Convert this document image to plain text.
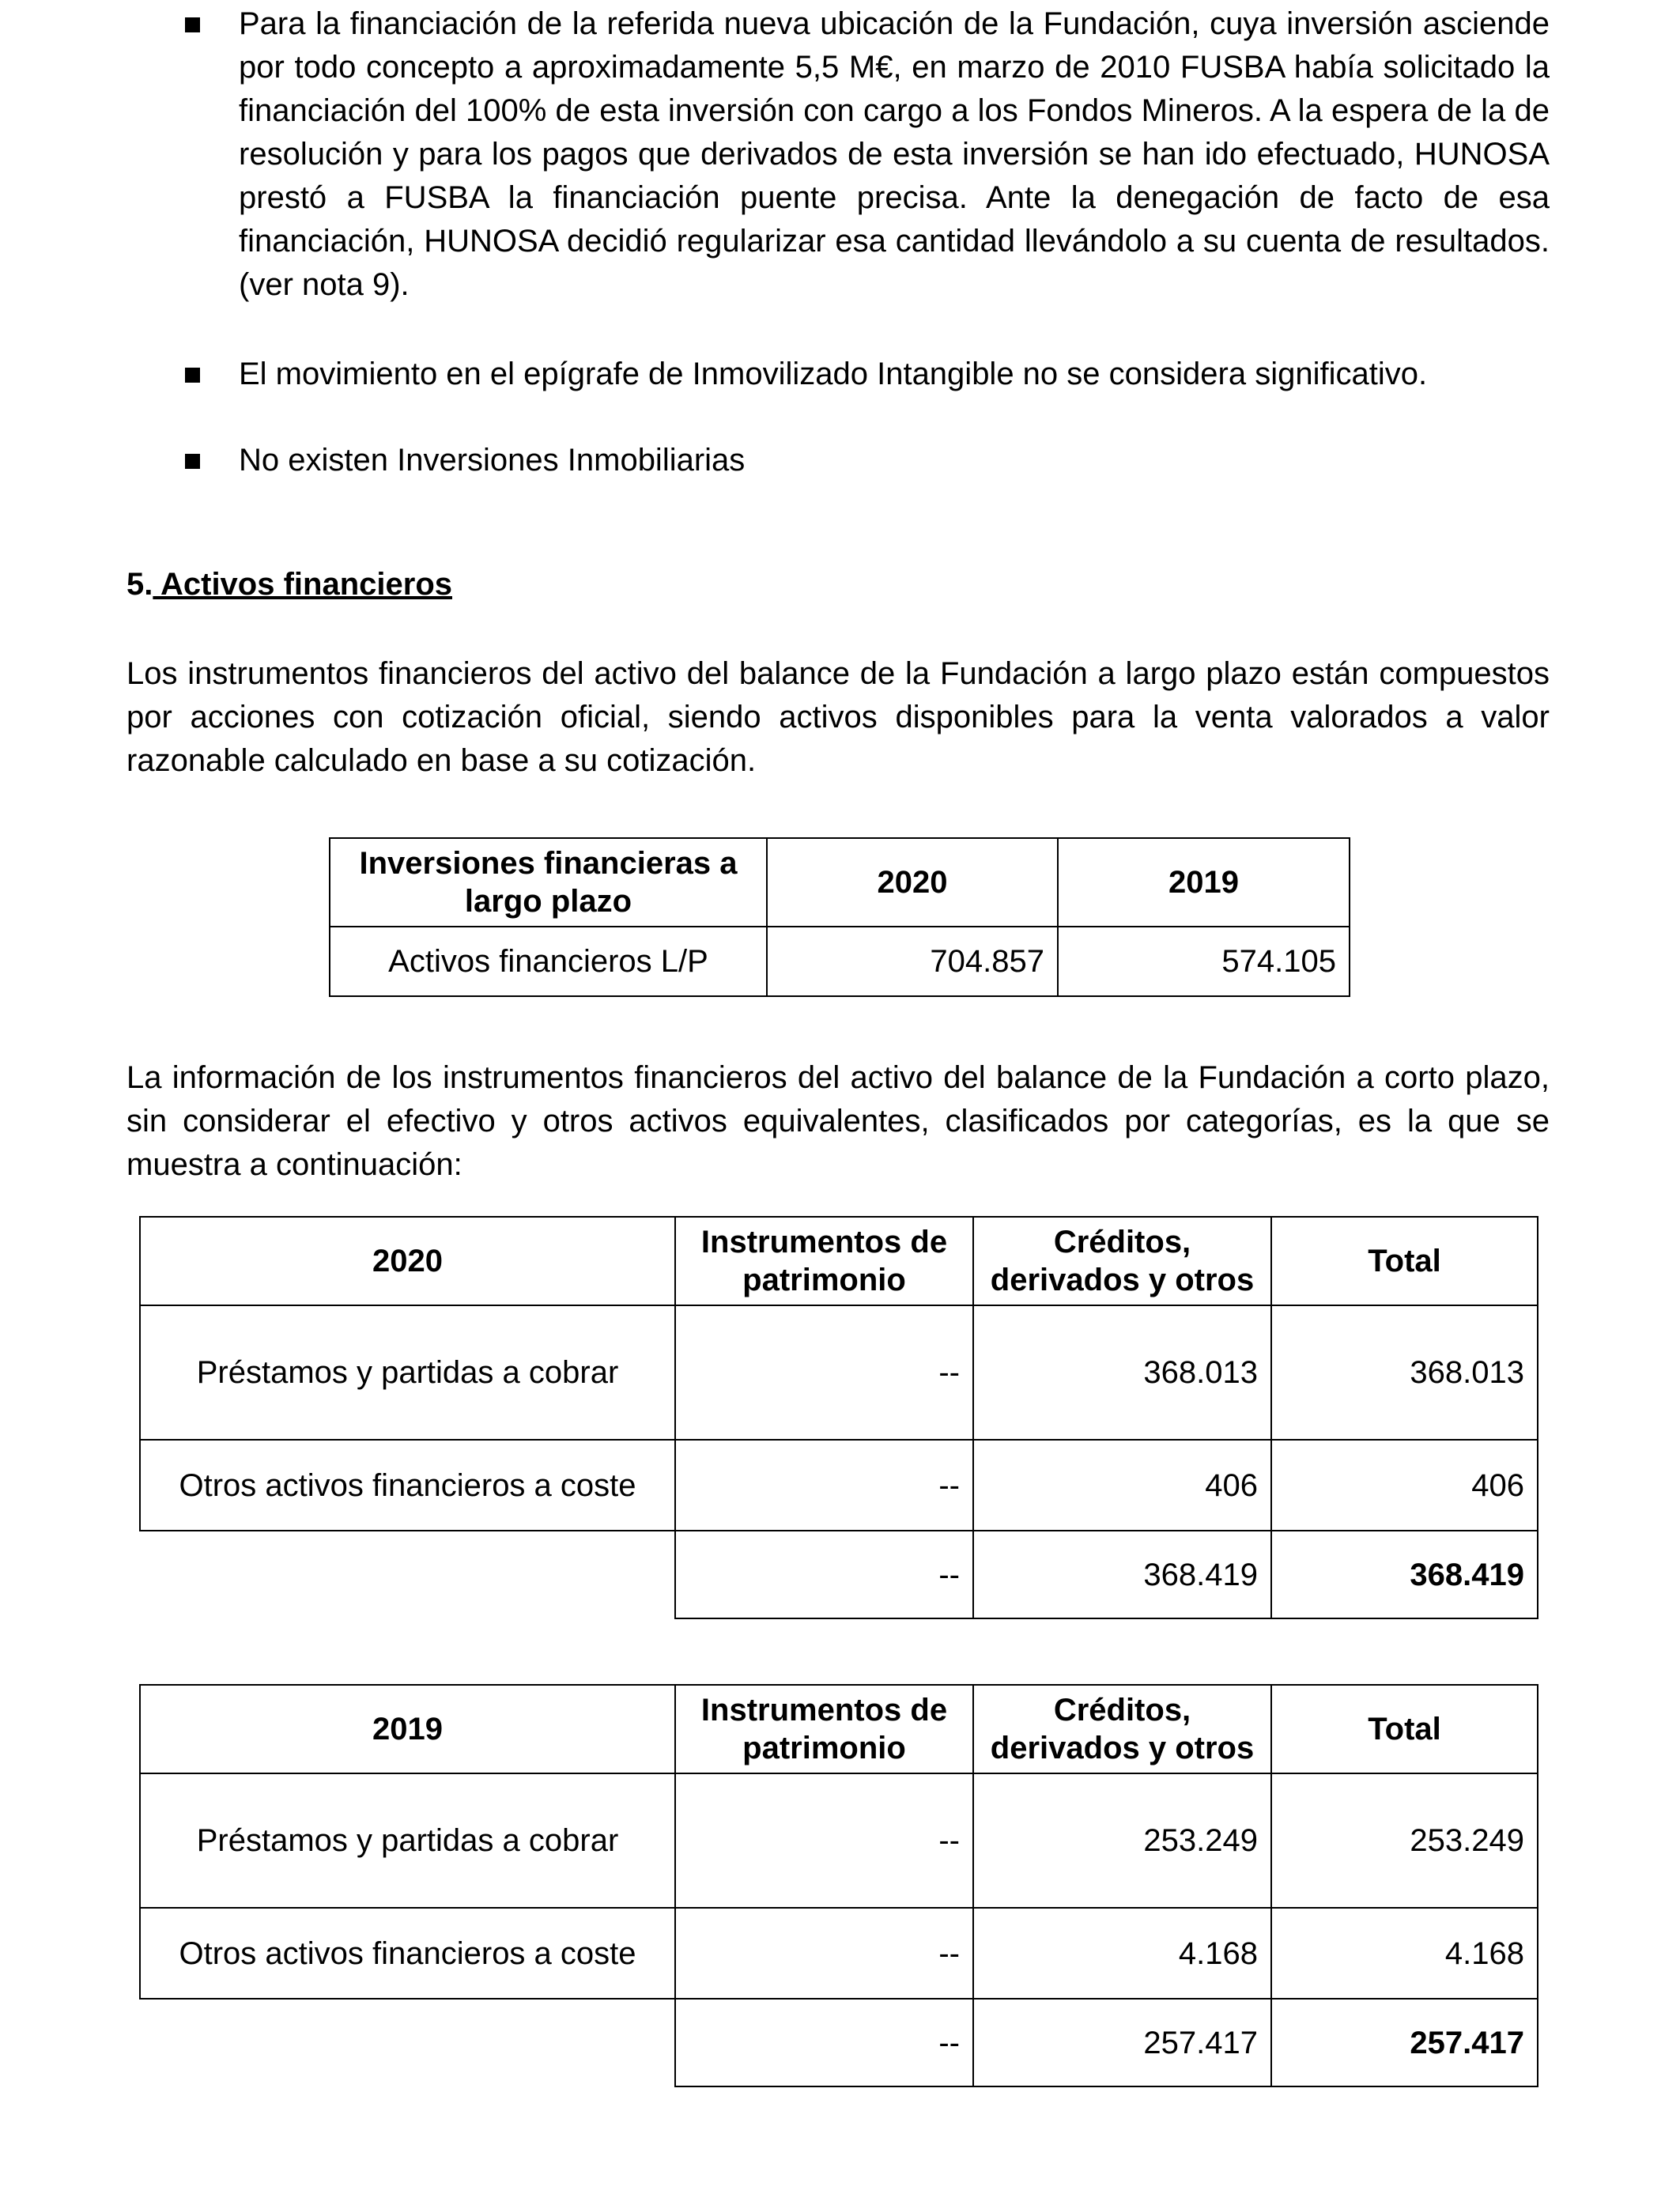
Para la financiación de la referida nueva ubicación de la Fundación, cuya inversión asciende por todo concepto a aproximadamente 5,5 M€, en marzo de 2010 FUSBA había solicitado la financiación del 100% de esta inversión con cargo a los Fondos Mineros. A la espera de la de resolución y para los pagos que derivados de esta inversión se han ido efectuado, HUNOSA prestó a FUSBA la financiación puente precisa. Ante la denegación de facto de esa financiación, HUNOSA decidió regularizar esa cantidad llevándolo a su cuenta de resultados. (ver nota 9).

El movimiento en el epígrafe de Inmovilizado Intangible no se considera significativo.

No existen Inversiones Inmobiliarias

5. Activos financieros

Los instrumentos financieros del activo del balance de la Fundación a largo plazo están compuestos por acciones con cotización oficial, siendo activos disponibles para la venta valorados a valor razonable calculado en base a su cotización.

Inversiones financieras a largo plazo	2020	2019
Activos financieros L/P	704.857	574.105

La información de los instrumentos financieros del activo del balance de la Fundación a corto plazo, sin considerar el efectivo y otros activos equivalentes, clasificados por categorías, es la que se muestra a continuación:

2020	Instrumentos de patrimonio	Créditos, derivados y otros	Total
Préstamos y partidas a cobrar	--	368.013	368.013
Otros activos financieros a coste	--	406	406
	--	368.419	368.419
2019	Instrumentos de patrimonio	Créditos, derivados y otros	Total
Préstamos y partidas a cobrar	--	253.249	253.249
Otros activos financieros a coste	--	4.168	4.168
	--	257.417	257.417
